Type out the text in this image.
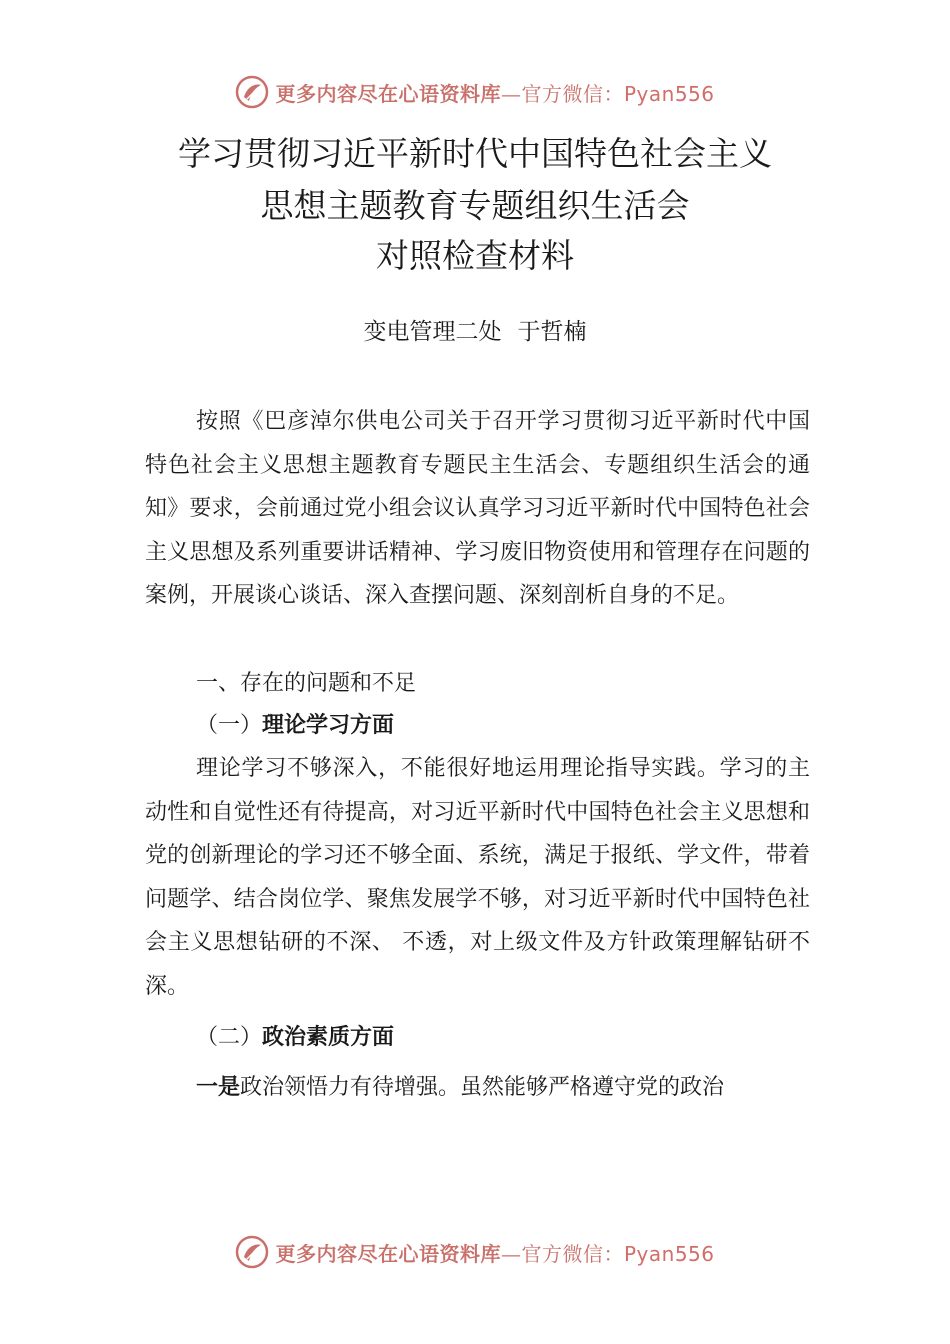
更多内容尽在心语资料库—官方微信：Pyan556
学习贯彻习近平新时代中国特色社会主义
思想主题教育专题组织生活会
对照检查材料
变电管理二处 于哲楠
按照《巴彦淖尔供电公司关于召开学习贯彻习近平新时代中国特色社会主义思想主题教育专题民主生活会、专题组织生活会的通知》要求，会前通过党小组会议认真学习习近平新时代中国特色社会主义思想及系列重要讲话精神、学习废旧物资使用和管理存在问题的案例，开展谈心谈话、深入查摆问题、深刻剖析自身的不足。
一、存在的问题和不足
（一）理论学习方面
理论学习不够深入，不能很好地运用理论指导实践。学习的主动性和自觉性还有待提高，对习近平新时代中国特色社会主义思想和党的创新理论的学习还不够全面、系统，满足于报纸、学文件，带着问题学、结合岗位学、聚焦发展学不够，对习近平新时代中国特色社会主义思想钻研的不深、 不透，对上级文件及方针政策理解钻研不深。
（二）政治素质方面
一是政治领悟力有待增强。虽然能够严格遵守党的政治
更多内容尽在心语资料库—官方微信：Pyan556
